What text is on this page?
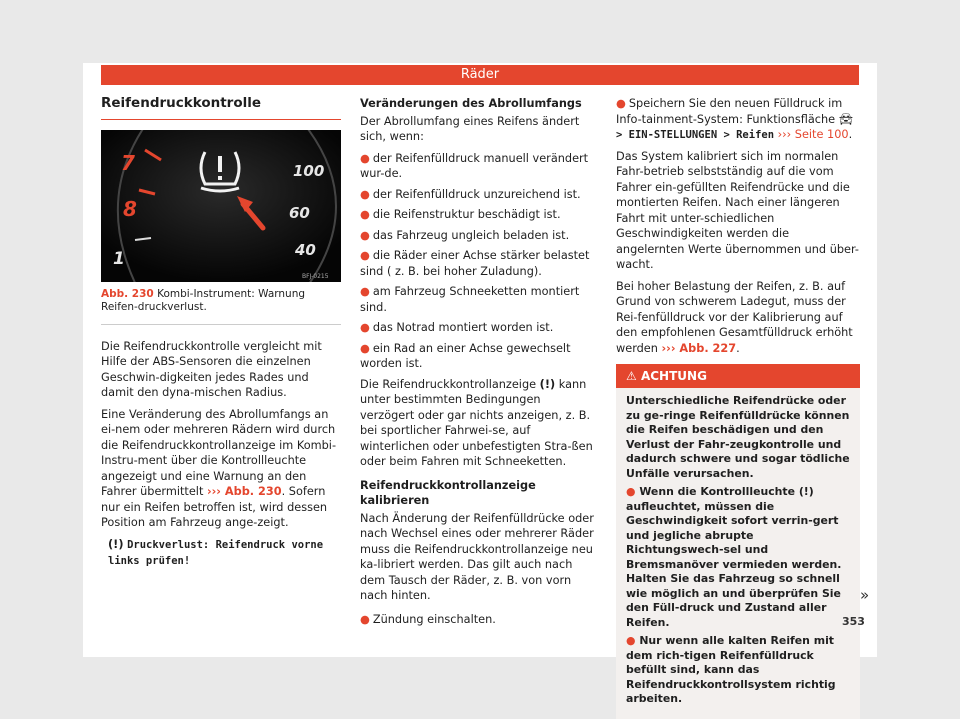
Räder
Reifendruckkontrolle
7
8
1
100
60
40
BFJ-0215
Abb. 230 Kombi-Instrument: Warnung Reifen-druckverlust.

Die Reifendruckkontrolle vergleicht mit Hilfe der ABS-Sensoren die einzelnen Geschwin-digkeiten jedes Rades und damit den dyna-mischen Radius.

Eine Veränderung des Abrollumfangs an ei-nem oder mehreren Rädern wird durch die Reifendruckkontrollanzeige im Kombi-Instru-ment über die Kontrollleuchte angezeigt und eine Warnung an den Fahrer übermittelt ››› Abb. 230. Sofern nur ein Reifen betroffen ist, wird dessen Position am Fahrzeug ange-zeigt.

(!) Druckverlust: Reifendruck vorne links prüfen!

Veränderungen des Abrollumfangs

Der Abrollumfang eines Reifens ändert sich, wenn:

● der Reifenfülldruck manuell verändert wur-de.

● der Reifenfülldruck unzureichend ist.

● die Reifenstruktur beschädigt ist.

● das Fahrzeug ungleich beladen ist.

● die Räder einer Achse stärker belastet sind ( z. B. bei hoher Zuladung).

● am Fahrzeug Schneeketten montiert sind.

● das Notrad montiert worden ist.

● ein Rad an einer Achse gewechselt worden ist.

Die Reifendruckkontrollanzeige (!) kann unter bestimmten Bedingungen verzögert oder gar nichts anzeigen, z. B. bei sportlicher Fahrwei-se, auf winterlichen oder unbefestigten Stra-ßen oder beim Fahren mit Schneeketten.

Reifendruckkontrollanzeige kalibrieren

Nach Änderung der Reifenfülldrücke oder nach Wechsel eines oder mehrerer Räder muss die Reifendruckkontrollanzeige neu ka-libriert werden. Das gilt auch nach dem Tausch der Räder, z. B. von vorn nach hinten.

● Zündung einschalten.

● Speichern Sie den neuen Fülldruck im Info-tainment-System: Funktionsfläche 🚘︎ > EIN-STELLUNGEN > Reifen ››› Seite 100.

Das System kalibriert sich im normalen Fahr-betrieb selbstständig auf die vom Fahrer ein-gefüllten Reifendrücke und die montierten Reifen. Nach einer längeren Fahrt mit unter-schiedlichen Geschwindigkeiten werden die angelernten Werte übernommen und über-wacht.

Bei hoher Belastung der Reifen, z. B. auf Grund von schwerem Ladegut, muss der Rei-fenfülldruck vor der Kalibrierung auf den empfohlenen Gesamtfülldruck erhöht werden ››› Abb. 227.

⚠ ACHTUNG

Unterschiedliche Reifendrücke oder zu ge-ringe Reifenfülldrücke können die Reifen beschädigen und den Verlust der Fahr-zeugkontrolle und dadurch schwere und sogar tödliche Unfälle verursachen.

● Wenn die Kontrollleuchte (!) aufleuchtet, müssen die Geschwindigkeit sofort verrin-gert und jegliche abrupte Richtungswech-sel und Bremsmanöver vermieden werden. Halten Sie das Fahrzeug so schnell wie möglich an und überprüfen Sie den Füll-druck und Zustand aller Reifen.

● Nur wenn alle kalten Reifen mit dem rich-tigen Reifenfülldruck befüllt sind, kann das Reifendruckkontrollsystem richtig arbeiten.

»
353
